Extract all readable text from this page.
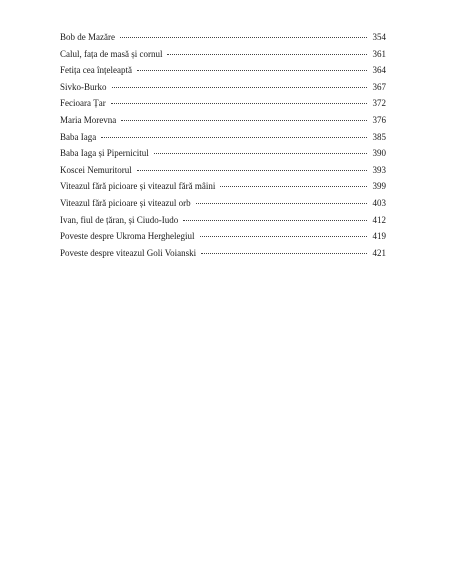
Bob de Mazăre	354
Calul, fața de masă și cornul	361
Fetița cea înțeleaptă	364
Sivko-Burko	367
Fecioara Țar	372
Maria Morevna	376
Baba Iaga	385
Baba Iaga și Pipernicitul	390
Koscei Nemuritorul	393
Viteazul fără picioare și viteazul fără mâini	399
Viteazul fără picioare și viteazul orb	403
Ivan, fiul de țăran, și Ciudo-Iudo	412
Poveste despre Ukroma Herghelegiul	419
Poveste despre viteazul Goli Voianski	421
